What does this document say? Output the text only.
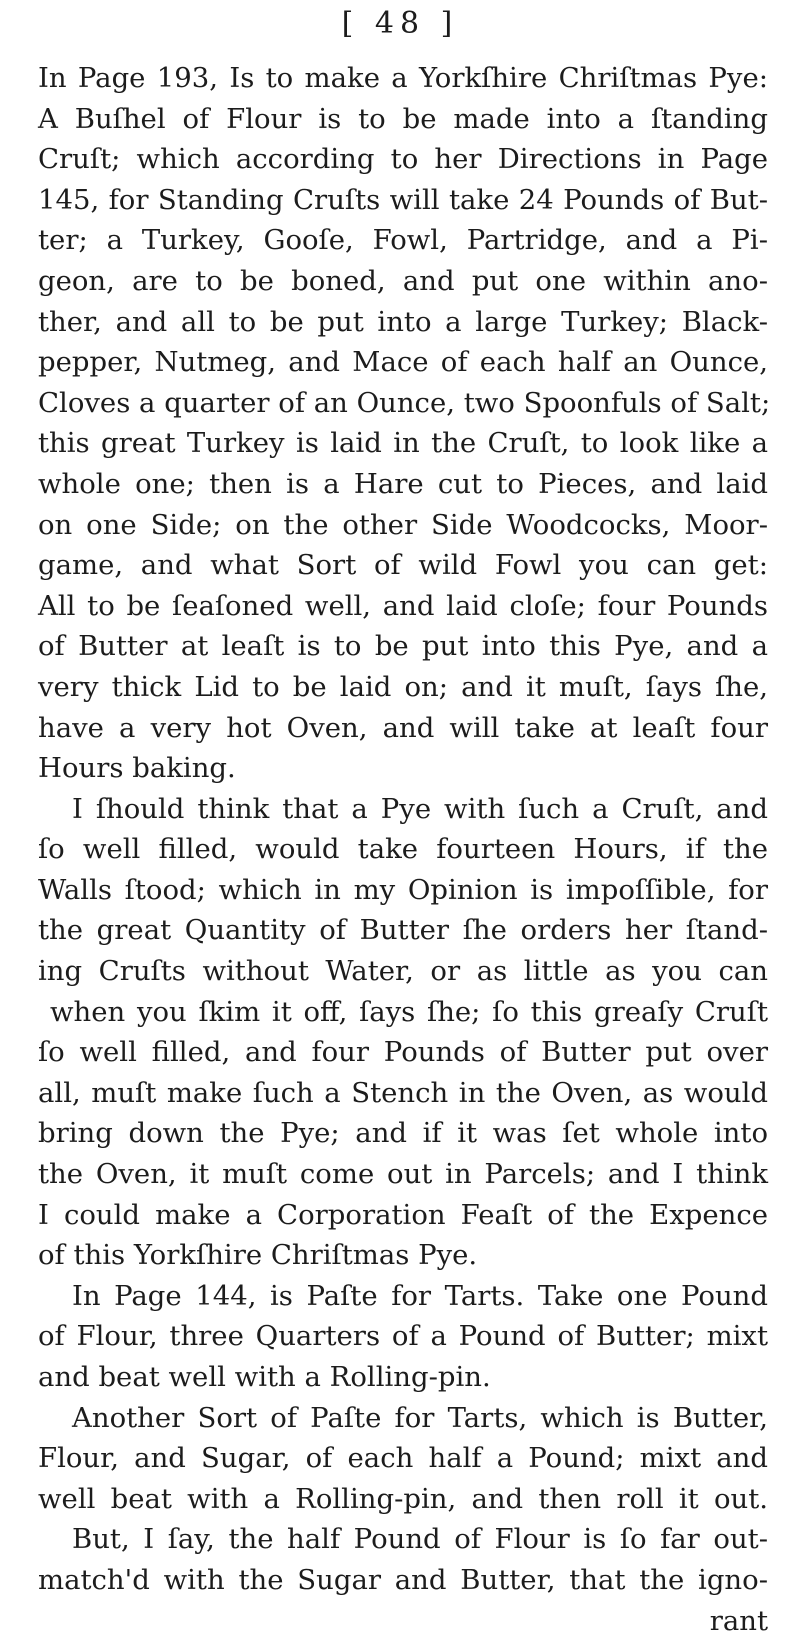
[ 48 ]
In Page 193, Is to make a Yorkſhire Chriſtmas Pye:
A Buſhel of Flour is to be made into a ſtanding
Cruſt; which according to her Directions in Page
145, for Standing Cruſts will take 24 Pounds of But-
ter; a Turkey, Gooſe, Fowl, Partridge, and a Pi-
geon, are to be boned, and put one within ano-
ther, and all to be put into a large Turkey; Black-
pepper, Nutmeg, and Mace of each half an Ounce,
Cloves a quarter of an Ounce, two Spoonfuls of Salt;
this great Turkey is laid in the Cruſt, to look like a
whole one; then is a Hare cut to Pieces, and laid
on one Side; on the other Side Woodcocks, Moor-
game, and what Sort of wild Fowl you can get:
All to be ſeaſoned well, and laid cloſe; four Pounds
of Butter at leaſt is to be put into this Pye, and a
very thick Lid to be laid on; and it muſt, ſays ſhe,
have a very hot Oven, and will take at leaſt four
Hours baking.
I ſhould think that a Pye with ſuch a Cruſt, and
ſo well filled, would take fourteen Hours, if the
Walls ſtood; which in my Opinion is impoſſible, for
the great Quantity of Butter ſhe orders her ſtand-
ing Cruſts without Water, or as little as you can
when you ſkim it off, ſays ſhe; ſo this greaſy Cruſt
ſo well filled, and four Pounds of Butter put over
all, muſt make ſuch a Stench in the Oven, as would
bring down the Pye; and if it was ſet whole into
the Oven, it muſt come out in Parcels; and I think
I could make a Corporation Feaſt of the Expence
of this Yorkſhire Chriſtmas Pye.
In Page 144, is Paſte for Tarts. Take one Pound
of Flour, three Quarters of a Pound of Butter; mixt
and beat well with a Rolling-pin.
Another Sort of Paſte for Tarts, which is Butter,
Flour, and Sugar, of each half a Pound; mixt and
well beat with a Rolling-pin, and then roll it out.
But, I ſay, the half Pound of Flour is ſo far out-
match'd with the Sugar and Butter, that the igno-
rant
